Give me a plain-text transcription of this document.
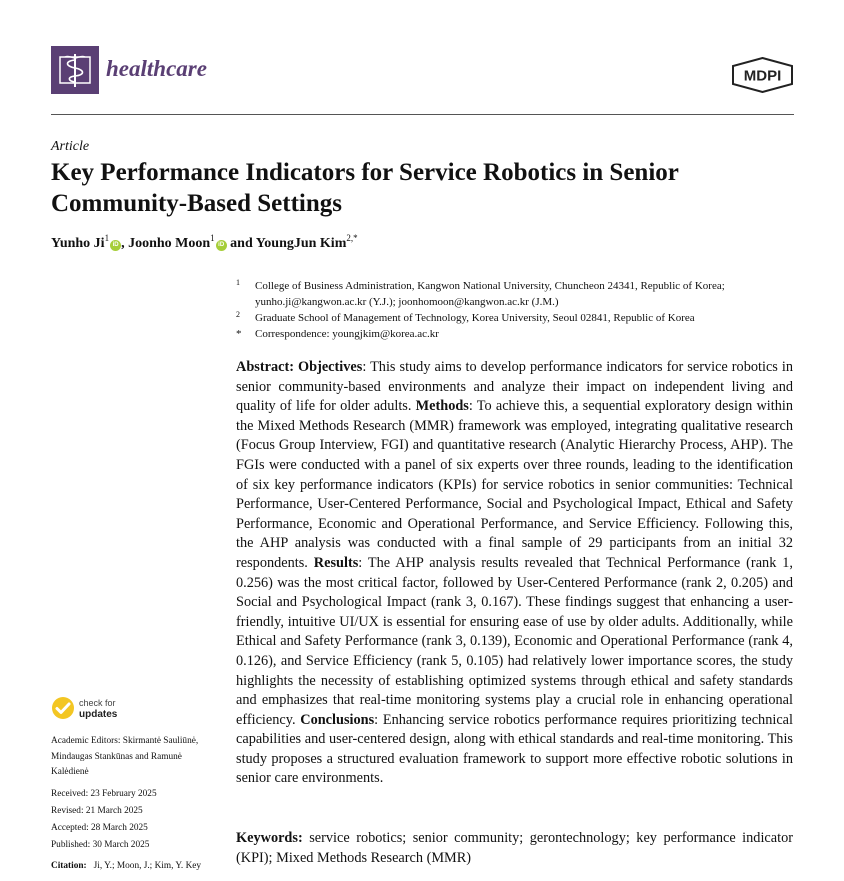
healthcare	MDPI
Article
Key Performance Indicators for Service Robotics in Senior Community-Based Settings
Yunho Ji$^1$iD , Joonho Moon$^1$iD and YoungJun Kim$^{2,*}$
1 College of Business Administration, Kangwon National University, Chuncheon 24341, Republic of Korea;
yunho.ji@kangwon.ac.kr (Y.J.); joonhomoon@kangwon.ac.kr (J.M.)
2 Graduate School of Management of Technology, Korea University, Seoul 02841, Republic of Korea
* Correspondence: youngjkim@korea.ac.kr
Abstract: Objectives: This study aims to develop performance indicators for service robotics in senior community-based environments and analyze their impact on independent living and quality of life for older adults. Methods: To achieve this, a sequential exploratory design within the Mixed Methods Research (MMR) framework was employed, integrating qualitative research (Focus Group Interview, FGI) and quantitative research (Analytic Hierarchy Process, AHP). The FGIs were conducted with a panel of six experts over three rounds, leading to the identification of six key performance indicators (KPIs) for service robotics in senior communities: Technical Performance, User-Centered Performance, Social and Psychological Impact, Ethical and Safety Performance, Economic and Operational Performance, and Service Efficiency. Following this, the AHP analysis was conducted with a final sample of 29 participants from an initial 32 respondents. Results: The AHP analysis results revealed that Technical Performance (rank 1, 0.256) was the most critical factor, followed by User-Centered Performance (rank 2, 0.205) and Social and Psychological Impact (rank 3, 0.167). These findings suggest that enhancing a user-friendly, intuitive UI/UX is essential for ensuring ease of use by older adults. Additionally, while Ethical and Safety Performance (rank 3, 0.139), Economic and Operational Performance (rank 4, 0.126), and Service Efficiency (rank 5, 0.105) had relatively lower importance scores, the study highlights the necessity of establishing optimized systems through ethical and safety standards and emphasizes that real-time monitoring systems play a crucial role in enhancing operational efficiency. Conclusions: Enhancing service robotics performance requires prioritizing technical capabilities and user-centered design, along with ethical standards and real-time monitoring. This study proposes a structured evaluation framework to support more effective robotic solutions in senior care environments.
Keywords: service robotics; senior community; gerontechnology; key performance indicator (KPI); Mixed Methods Research (MMR)
check for
updates
Academic Editors: Skirmantė Sauliūnė, Mindaugas Stankūnas and Ramunė Kalėdienė
Received: 23 February 2025
Revised: 21 March 2025
Accepted: 28 March 2025
Published: 30 March 2025
Citation: Ji, Y.; Moon, J.; Kim, Y. Key
